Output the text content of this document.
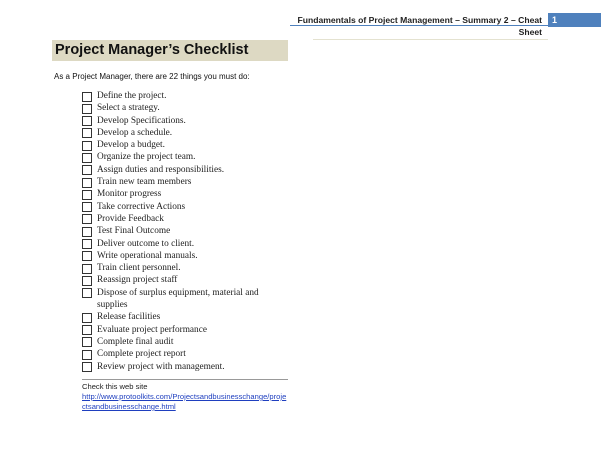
Fundamentals of Project Management – Summary 2 – Cheat Sheet
1
Project Manager’s Checklist
As a Project Manager, there are 22 things you must do:
Define the project.
Select a strategy.
Develop Specifications.
Develop a schedule.
Develop a budget.
Organize the project team.
Assign duties and responsibilities.
Train new team members
Monitor progress
Take corrective Actions
Provide Feedback
Test Final Outcome
Deliver outcome to client.
Write operational manuals.
Train client personnel.
Reassign project staff
Dispose of surplus equipment, material and supplies
Release facilities
Evaluate project performance
Complete final audit
Complete project report
Review project with management.
Check this web site
http://www.protoolkits.com/Projectsandbusinesschange/projectsandbusinesschange.html
